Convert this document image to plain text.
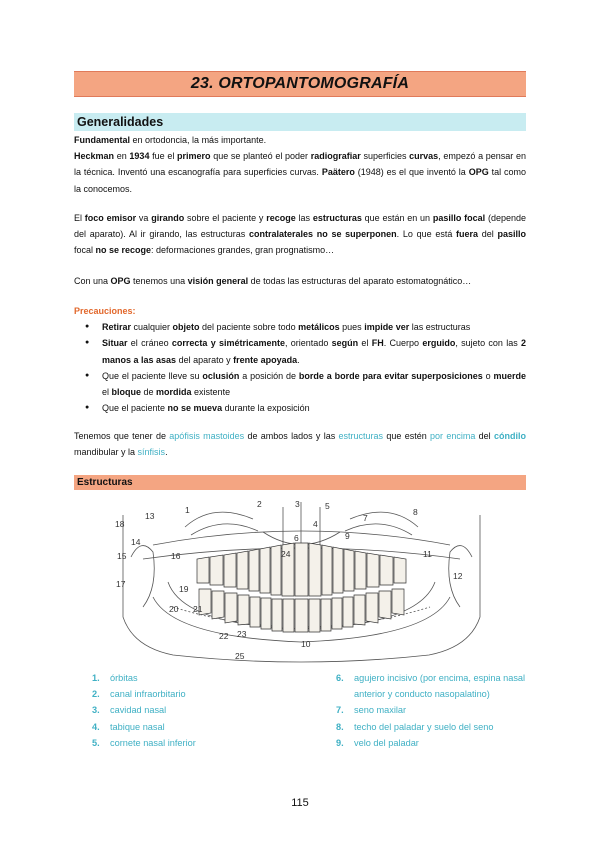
23. ORTOPANTOMOGRAFÍA
Generalidades

Fundamental en ortodoncia, la más importante.

Heckman en 1934 fue el primero que se planteó el poder radiografiar superficies curvas, empezó a pensar en la técnica. Inventó una escanografía para superficies curvas. Paätero (1948) es el que inventó la OPG tal como la conocemos.

El foco emisor va girando sobre el paciente y recoge las estructuras que están en un pasillo focal (depende del aparato). Al ir girando, las estructuras contralaterales no se superponen. Lo que está fuera del pasillo focal no se recoge: deformaciones grandes, gran prognatismo…

Con una OPG tenemos una visión general de todas las estructuras del aparato estomatognático…

Precauciones:

● Retirar cualquier objeto del paciente sobre todo metálicos pues impide ver las estructuras
● Situar el cráneo correcta y simétricamente, orientado según el FH. Cuerpo erguido, sujeto con las 2 manos a las asas del aparato y frente apoyada.
● Que el paciente lleve su oclusión a posición de borde a borde para evitar superposiciones o muerde el bloque de mordida existente
● Que el paciente no se mueva durante la exposición

Tenemos que tener de apófisis mastoides de ambos lados y las estructuras que estén por encima del cóndilo mandibular y la sínfisis.

Estructuras
18
13
14
15	16
17	19
20 21
22 23
24
25
1
2	3
4
5
6
7
8
9
10
11
12
1. órbitas
2. canal infraorbitario
3. cavidad nasal
4. tabique nasal
5. cornete nasal inferior
6. agujero incisivo (por encima, espina nasal anterior y conducto nasopalatino)
7. seno maxilar
8. techo del paladar y suelo del seno
9. velo del paladar
115
